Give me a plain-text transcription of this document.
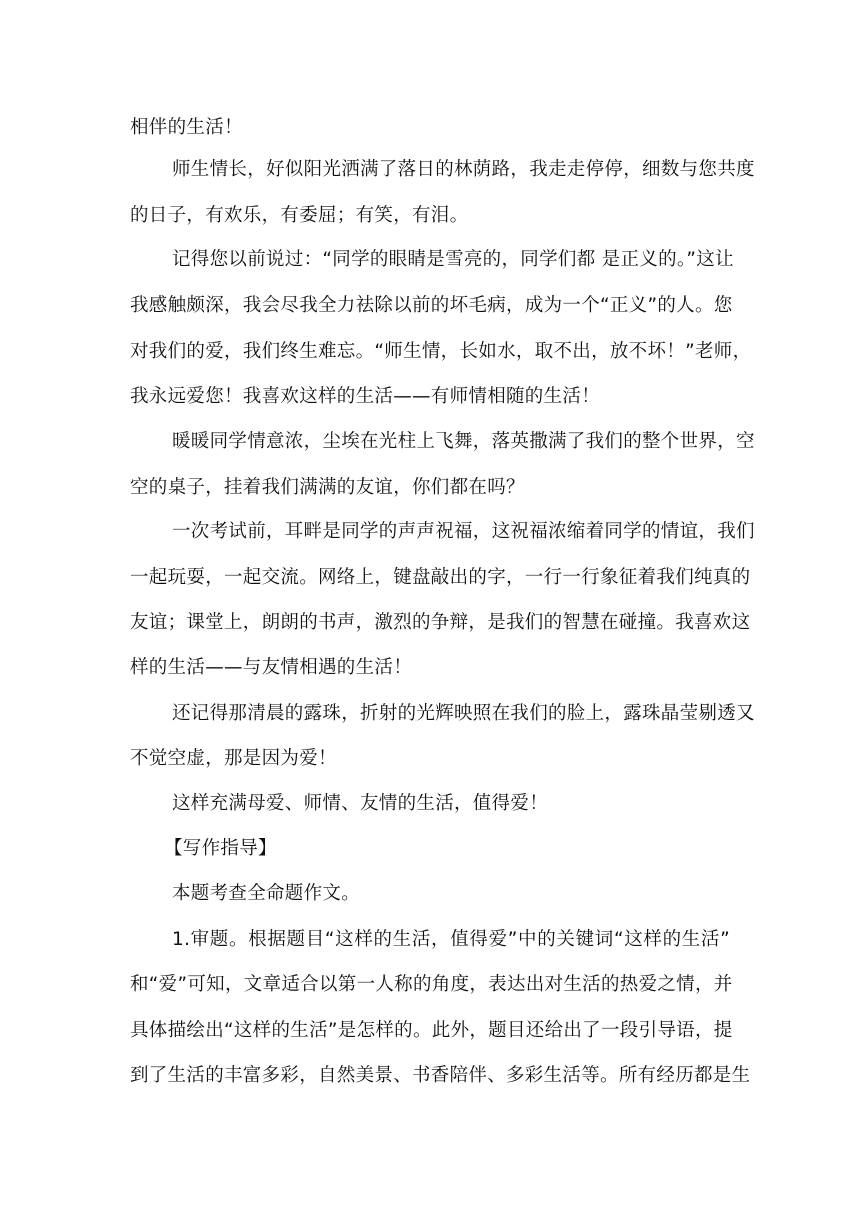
相伴的生活！
师生情长，好似阳光洒满了落日的林荫路，我走走停停，细数与您共度
的日子，有欢乐，有委屈；有笑，有泪。
记得您以前说过：“同学的眼睛是雪亮的，同学们都 是正义的。”这让
我感触颇深，我会尽我全力祛除以前的坏毛病，成为一个“正义”的人。您
对我们的爱，我们终生难忘。“师生情，长如水，取不出，放不坏！”老师，
我永远爱您！我喜欢这样的生活——有师情相随的生活！
暖暖同学情意浓，尘埃在光柱上飞舞，落英撒满了我们的整个世界，空
空的桌子，挂着我们满满的友谊，你们都在吗？
一次考试前，耳畔是同学的声声祝福，这祝福浓缩着同学的情谊，我们
一起玩耍，一起交流。网络上，键盘敲出的字，一行一行象征着我们纯真的
友谊；课堂上，朗朗的书声，激烈的争辩，是我们的智慧在碰撞。我喜欢这
样的生活——与友情相遇的生活！
还记得那清晨的露珠，折射的光辉映照在我们的脸上，露珠晶莹剔透又
不觉空虚，那是因为爱！
这样充满母爱、师情、友情的生活，值得爱！
【写作指导】
本题考查全命题作文。
1.审题。根据题目“这样的生活，值得爱”中的关键词“这样的生活”
和“爱”可知，文章适合以第一人称的角度，表达出对生活的热爱之情，并
具体描绘出“这样的生活”是怎样的。此外，题目还给出了一段引导语，提
到了生活的丰富多彩，自然美景、书香陪伴、多彩生活等。所有经历都是生
